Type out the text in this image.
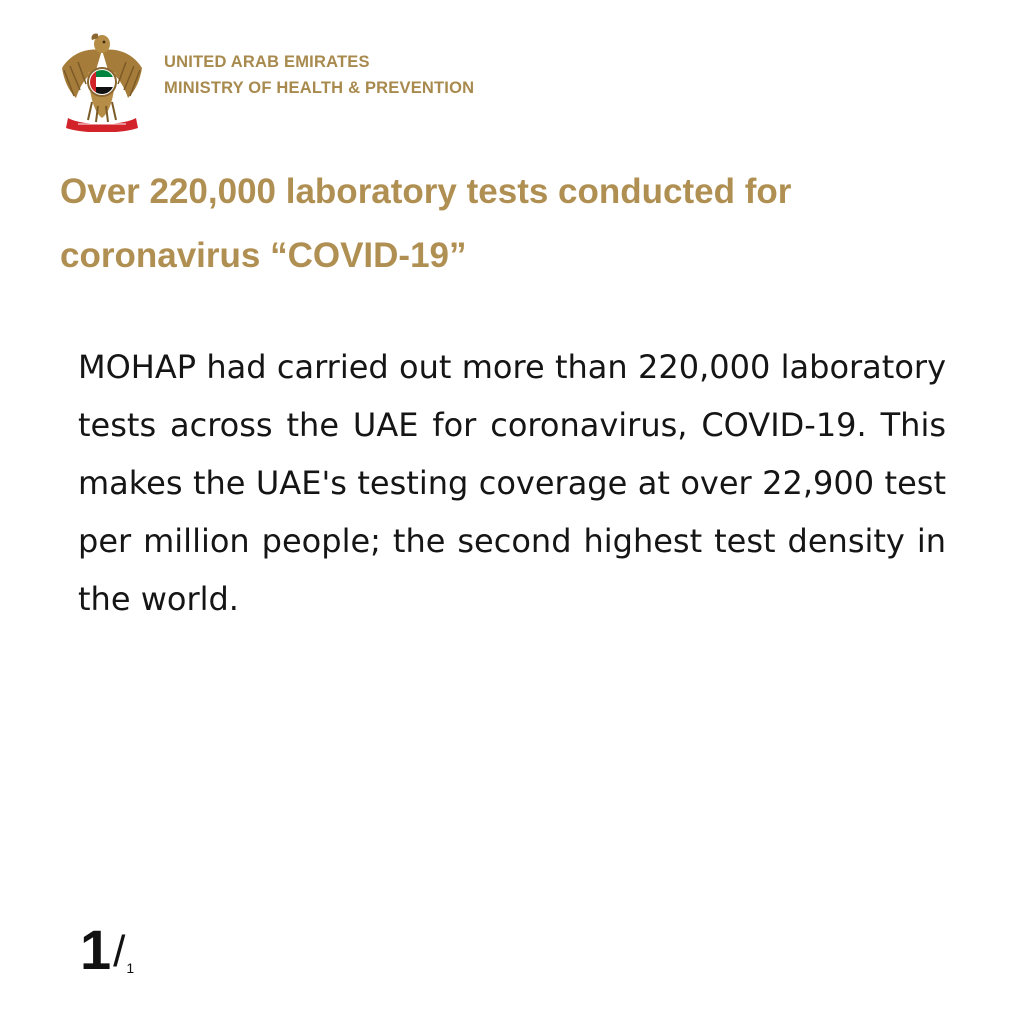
UNITED ARAB EMIRATES
MINISTRY OF HEALTH & PREVENTION
Over 220,000 laboratory tests conducted for coronavirus “COVID-19”

MOHAP had carried out more than 220,000 laboratory tests across the UAE for coronavirus, COVID-19. This makes the UAE's testing coverage at over 22,900 test per million people; the second highest test density in the world.

1 / 1
